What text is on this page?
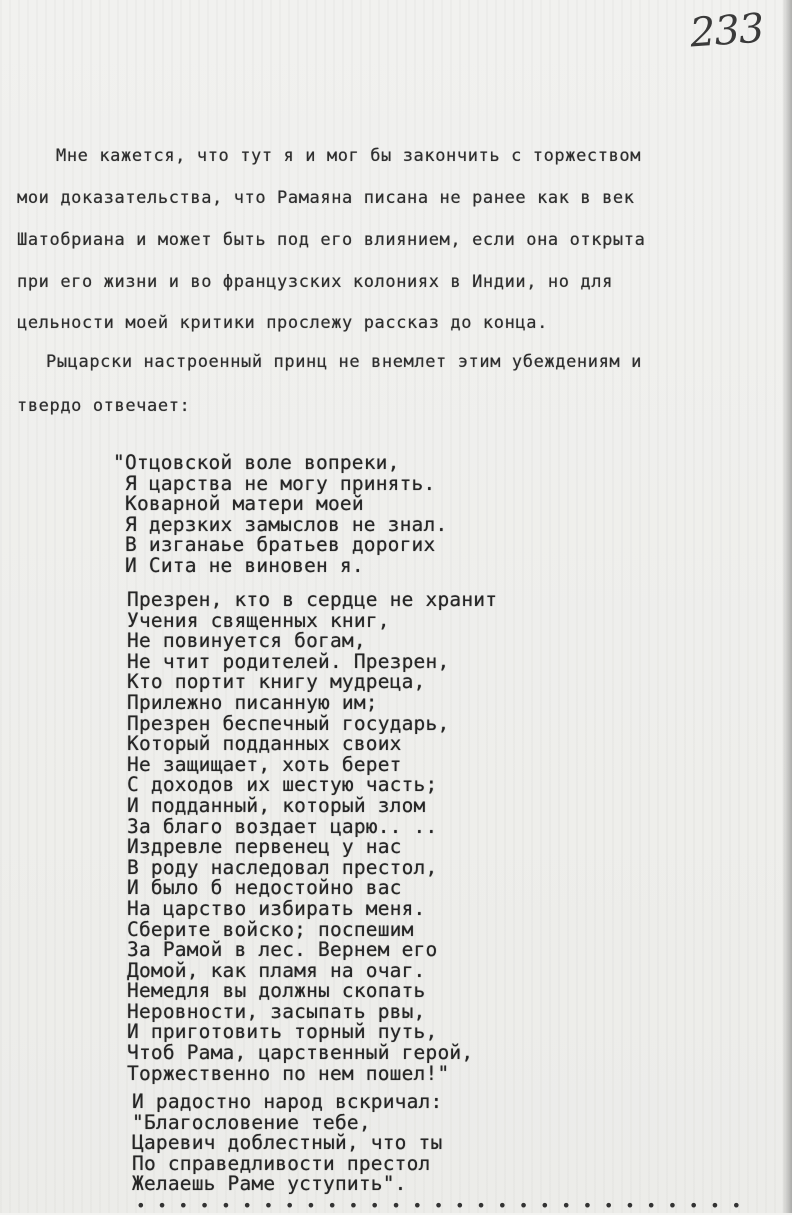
233
Мне кажется, что тут я и мог бы закончить с торжеством
мои доказательства, что Рамаяна писана не ранее как в век
Шатобриана и может быть под его влиянием, если она открыта
при его жизни и во французских колониях в Индии, но для
цельности моей критики прослежу рассказ до конца.
Рыцарски настроенный принц не внемлет этим убеждениям и
твердо отвечает:
"Отцовской воле вопреки,
Я царства не могу принять.
Коварной матери моей
Я дерзких замыслов не знал.
В изганаье братьев дорогих
И Сита не виновен я.
Презрен, кто в сердце не хранит
Учения священных книг,
Не повинуется богам,
Не чтит родителей. Презрен,
Кто портит книгу мудреца,
Прилежно писанную им;
Презрен беспечный государь,
Который подданных своих
Не защищает, хоть берет
С доходов их шестую часть;
И подданный, который злом
За благо воздает царю.. ..
Издревле первенец у нас
В роду наследовал престол,
И было б недостойно вас
На царство избирать меня.
Сберите войско; поспешим
За Рамой в лес. Вернем его
Домой, как пламя на очаг.
Немедля вы должны скопать
Неровности, засыпать рвы,
И приготовить торный путь,
Чтоб Рама, царственный герой,
Торжественно по нем пошел!"
И радостно народ вскричал:
"Благословение тебе,
Царевич доблестный, что ты
По справедливости престол
Желаешь Раме уступить".
• • • • • • • • • • • • • • • • • • • • • • • • • • • • •
